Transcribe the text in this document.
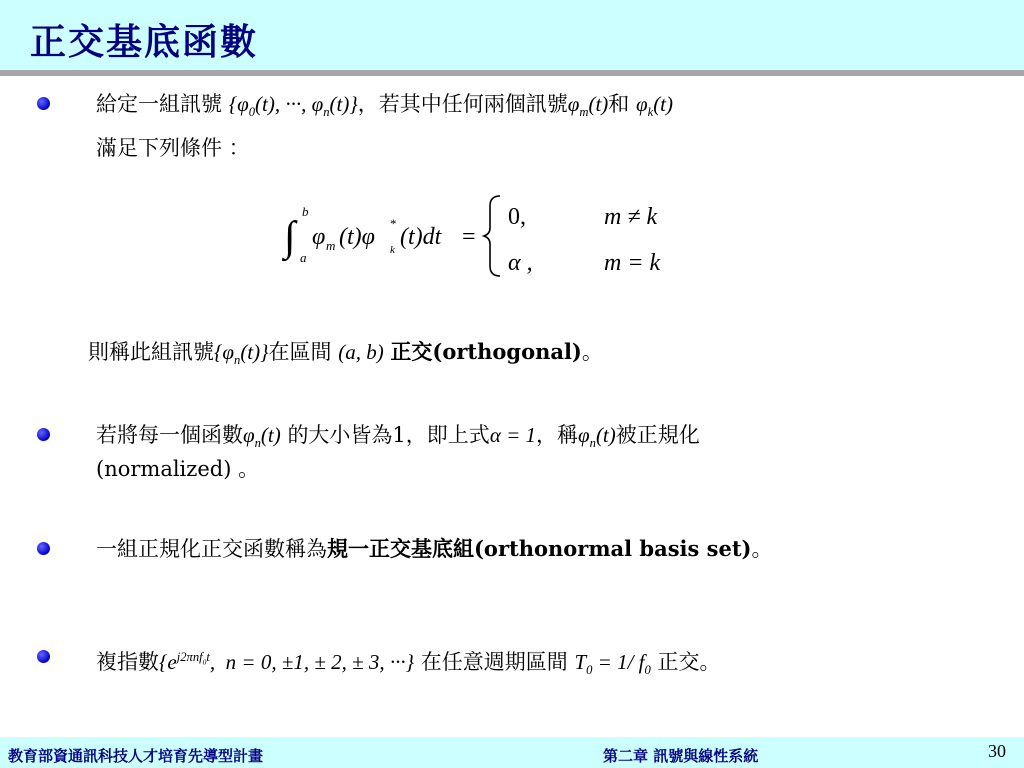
正交基底函數
給定一組訊號 {$\varphi_0(t)$, ···, $\varphi_n(t)$}，若其中任何兩個訊號$\varphi_m(t)$和 $\varphi_k(t)$
滿足下列條件 ：
∫
b
a
φ m (t)φ
*
k (t)dt =
0,	m ≠ k
α ,	m = k
則稱此組訊號$\{\varphi_n(t)\}$在區間 (a, b) 正交(orthogonal)。
若將每一個函數$\varphi_n(t)$ 的大小皆為1，即上式α = 1，稱$\varphi_n(t)$被正規化
(normalized) 。
一組正規化正交函數稱為規一正交基底組(orthonormal basis set)。
複指數{$e^{j2\pi nf_0t}$,  n = 0, ±1, ± 2, ± 3, ···} 在任意週期區間 $T_0 = 1/$ $f_0$ 正交。
教育部資通訊科技人才培育先導型計畫	第二章 訊號與線性系統	30
